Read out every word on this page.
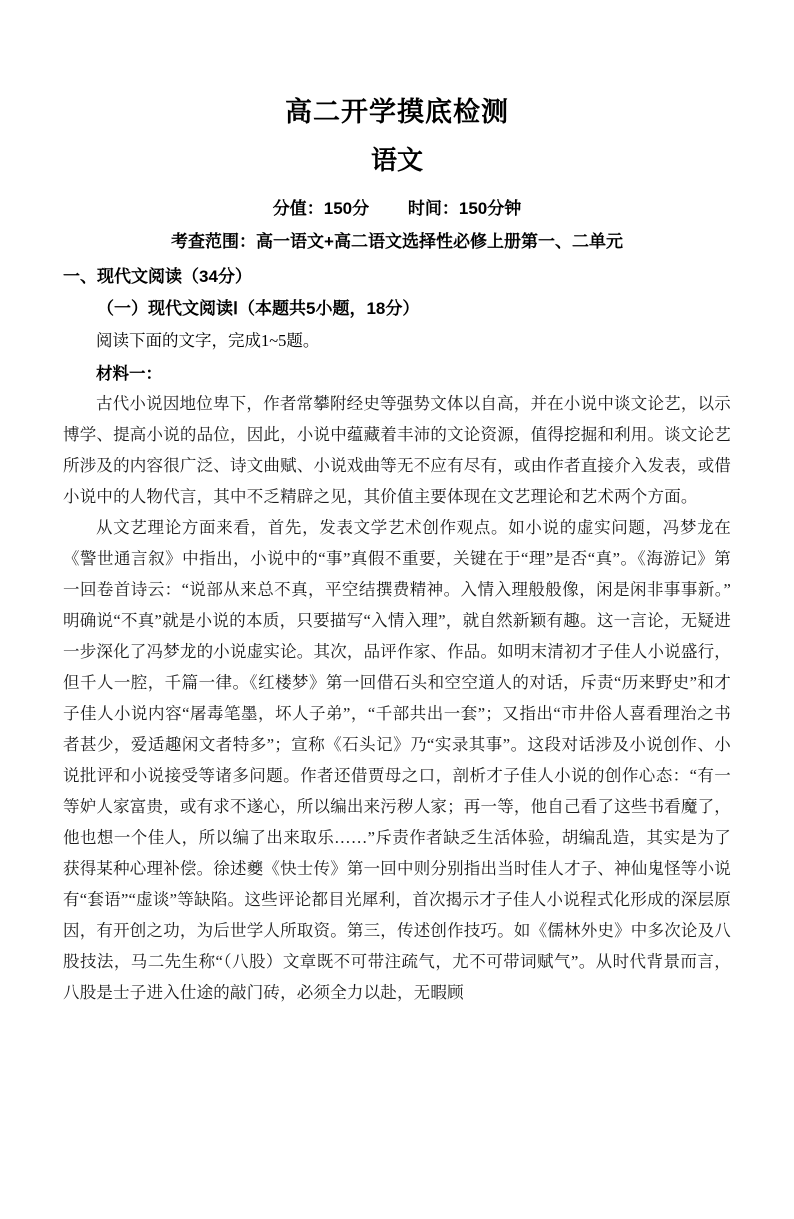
高二开学摸底检测
语文
分值：150分 时间：150分钟
考查范围：高一语文+高二语文选择性必修上册第一、二单元
一、现代文阅读（34分）
（一）现代文阅读Ⅰ（本题共5小题，18分）
阅读下面的文字，完成1~5题。
材料一：

古代小说因地位卑下，作者常攀附经史等强势文体以自高，并在小说中谈文论艺，以示博学、提高小说的品位，因此，小说中蕴藏着丰沛的文论资源，值得挖掘和利用。谈文论艺所涉及的内容很广泛、诗文曲赋、小说戏曲等无不应有尽有，或由作者直接介入发表，或借小说中的人物代言，其中不乏精辟之见，其价值主要体现在文艺理论和艺术两个方面。

从文艺理论方面来看，首先，发表文学艺术创作观点。如小说的虚实问题，冯梦龙在《警世通言叙》中指出，小说中的“事”真假不重要，关键在于“理”是否“真”。《海游记》第一回卷首诗云：“说部从来总不真，平空结撰费精神。入情入理般般像，闲是闲非事事新。”明确说“不真”就是小说的本质，只要描写“入情入理”，就自然新颖有趣。这一言论，无疑进一步深化了冯梦龙的小说虚实论。其次，品评作家、作品。如明末清初才子佳人小说盛行，但千人一腔，千篇一律。《红楼梦》第一回借石头和空空道人的对话，斥责“历来野史”和才子佳人小说内容“屠毒笔墨，坏人子弟”，“千部共出一套”；又指出“市井俗人喜看理治之书者甚少，爱适趣闲文者特多”；宣称《石头记》乃“实录其事”。这段对话涉及小说创作、小说批评和小说接受等诸多问题。作者还借贾母之口，剖析才子佳人小说的创作心态：“有一等妒人家富贵，或有求不遂心，所以编出来污秽人家；再一等，他自己看了这些书看魔了，他也想一个佳人，所以编了出来取乐……”斥责作者缺乏生活体验，胡编乱造，其实是为了获得某种心理补偿。徐述夔《快士传》第一回中则分别指出当时佳人才子、神仙鬼怪等小说有“套语”“虚谈”等缺陷。这些评论都目光犀利，首次揭示才子佳人小说程式化形成的深层原因，有开创之功，为后世学人所取资。第三，传述创作技巧。如《儒林外史》中多次论及八股技法，马二先生称“（八股）文章既不可带注疏气，尤不可带词赋气”。从时代背景而言，八股是士子进入仕途的敲门砖，必须全力以赴，无暇顾
